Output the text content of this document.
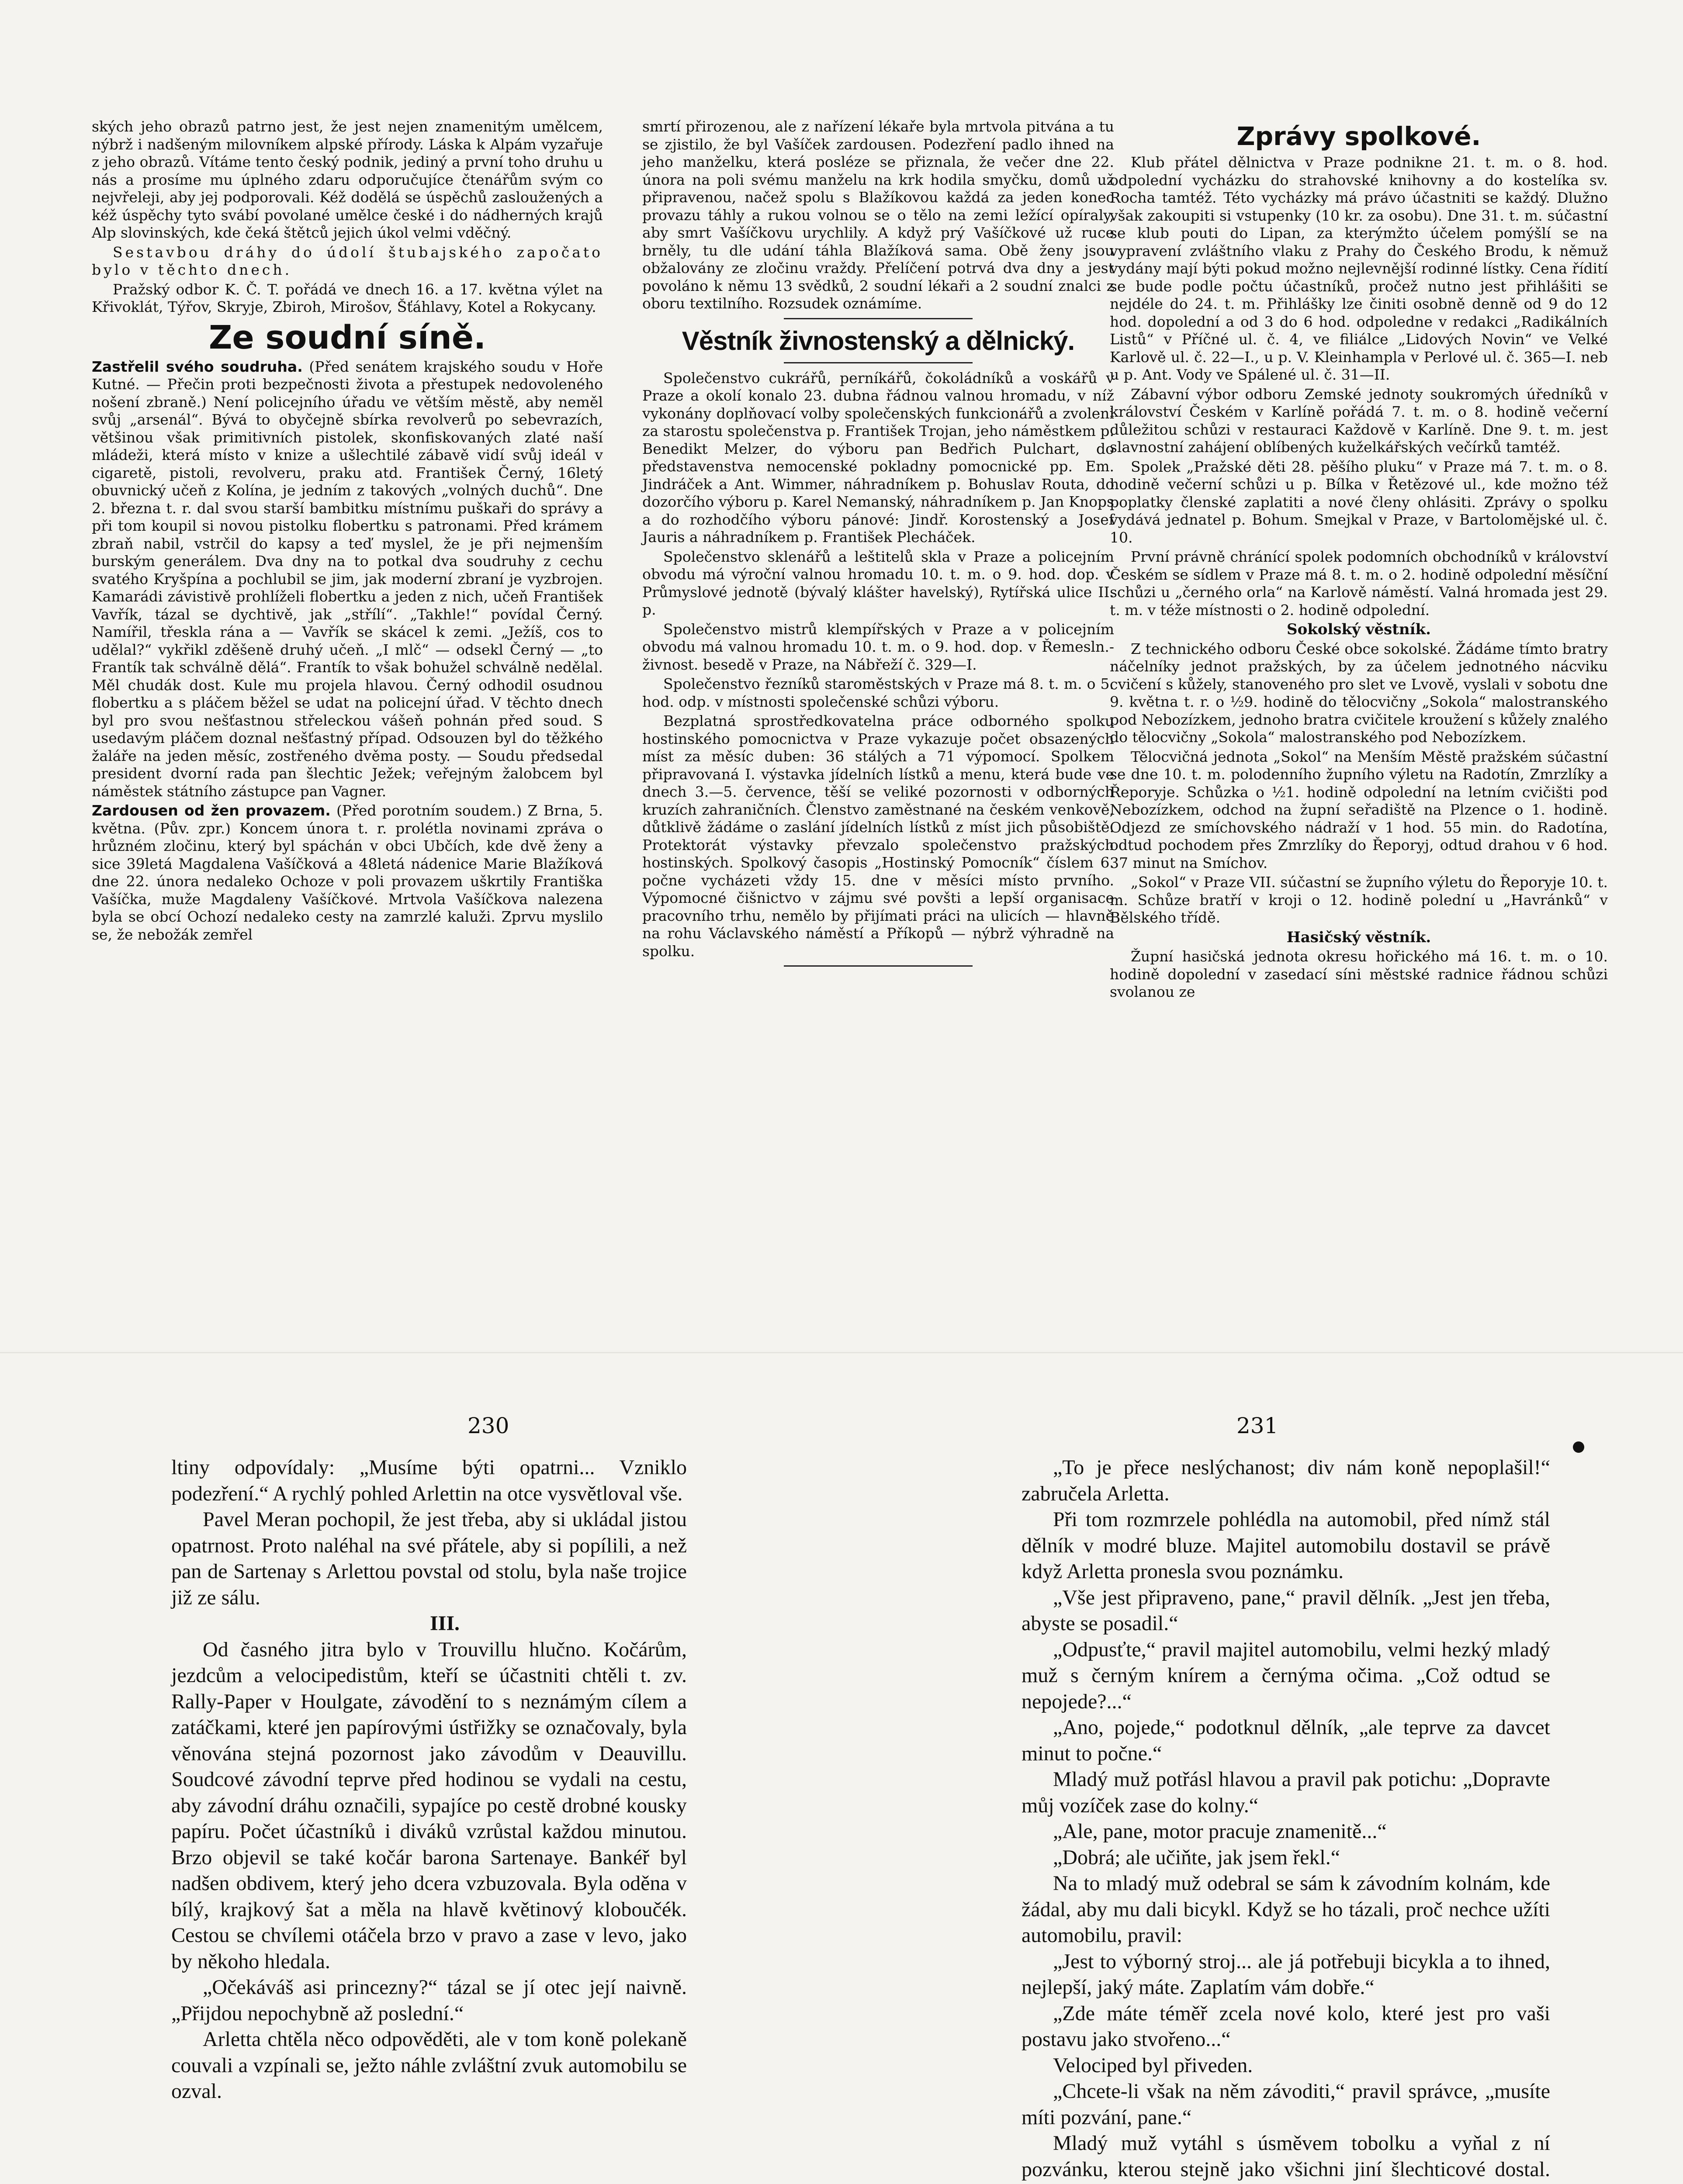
ských jeho obrazů patrno jest, že jest nejen znamenitým umělcem, nýbrž i nadšeným milovníkem alpské přírody. Láska k Alpám vyzařuje z jeho obrazů. Vítáme tento český podnik, jediný a první toho druhu u nás a prosíme mu úplného zdaru odporučujíce čtenářům svým co nejvřeleji, aby jej podporovali. Kéž dodělá se úspěchů zasloužených a kéž úspěchy tyto svábí povolané umělce české i do nádherných krajů Alp slovinských, kde čeká štětců jejich úkol velmi vděčný.

Sestavbou dráhy do údolí štubajského započato bylo v těchto dnech.

Pražský odbor K. Č. T. pořádá ve dnech 16. a 17. května výlet na Křivoklát, Týřov, Skryje, Zbiroh, Mirošov, Šťáhlavy, Kotel a Rokycany.

Ze soudní síně.

Zastřelil svého soudruha. (Před senátem krajského soudu v Hoře Kutné. — Přečin proti bezpečnosti života a přestupek nedovoleného nošení zbraně.) Není policejního úřadu ve větším městě, aby neměl svůj „arsenál“. Bývá to obyčejně sbírka revolverů po sebevrazích, většinou však primitivních pistolek, skonfiskovaných zlaté naší mládeži, která místo v knize a ušlechtilé zábavě vidí svůj ideál v cigaretě, pistoli, revolveru, praku atd. František Černý, 16letý obuvnický učeň z Kolína, je jedním z takových „volných duchů“. Dne 2. března t. r. dal svou starší bambitku místnímu puškaři do správy a při tom koupil si novou pistolku flobertku s patronami. Před krámem zbraň nabil, vstrčil do kapsy a teď myslel, že je při nejmenším burským generálem. Dva dny na to potkal dva soudruhy z cechu svatého Kryšpína a pochlubil se jim, jak moderní zbraní je vyzbrojen. Kamarádi závistivě prohlíželi flobertku a jeden z nich, učeň František Vavřík, tázal se dychtivě, jak „střílí“. „Takhle!“ povídal Černý. Namířil, třeskla rána a — Vavřík se skácel k zemi. „Ježíš, cos to udělal?“ vykřikl zděšeně druhý učeň. „I mlč“ — odsekl Černý — „to Frantík tak schválně dělá“. Frantík to však bohužel schválně nedělal. Měl chudák dost. Kule mu projela hlavou. Černý odhodil osudnou flobertku a s pláčem běžel se udat na policejní úřad. V těchto dnech byl pro svou nešťastnou střeleckou vášeň pohnán před soud. S usedavým pláčem doznal nešťastný případ. Odsouzen byl do těžkého žaláře na jeden měsíc, zostřeného dvěma posty. — Soudu předsedal president dvorní rada pan šlechtic Ježek; veřejným žalobcem byl náměstek státního zástupce pan Vagner.

Zardousen od žen provazem. (Před porotním soudem.) Z Brna, 5. května. (Pův. zpr.) Koncem února t. r. prolétla novinami zpráva o hrůzném zločinu, který byl spáchán v obci Ubčích, kde dvě ženy a sice 39letá Magdalena Vašíčková a 48letá nádenice Marie Blažíková dne 22. února nedaleko Ochoze v poli provazem uškrtily Františka Vašíčka, muže Magdaleny Vašíčkové. Mrtvola Vašíčkova nalezena byla se obcí Ochozí nedaleko cesty na zamrzlé kaluži. Zprvu myslilo se, že nebožák zemřel

smrtí přirozenou, ale z nařízení lékaře byla mrtvola pitvána a tu se zjistilo, že byl Vašíček zardousen. Podezření padlo ihned na jeho manželku, která posléze se přiznala, že večer dne 22. února na poli svému manželu na krk hodila smyčku, domů už připravenou, načež spolu s Blažíkovou každá za jeden konec provazu táhly a rukou volnou se o tělo na zemi ležící opíraly, aby smrt Vašíčkovu urychlily. A když prý Vašíčkové už ruce brněly, tu dle udání táhla Blažíková sama. Obě ženy jsou obžalovány ze zločinu vraždy. Přelíčení potrvá dva dny a jest povoláno k němu 13 svědků, 2 soudní lékaři a 2 soudní znalci z oboru textilního. Rozsudek oznámíme.

Věstník živnostenský a dělnický.

Společenstvo cukrářů, perníkářů, čokoládníků a voskářů v Praze a okolí konalo 23. dubna řádnou valnou hromadu, v níž vykonány doplňovací volby společenských funkcionářů a zvoleni za starostu společenstva p. František Trojan, jeho náměstkem p. Benedikt Melzer, do výboru pan Bedřich Pulchart, do představenstva nemocenské pokladny pomocnické pp. Em. Jindráček a Ant. Wimmer, náhradníkem p. Bohuslav Routa, do dozorčího výboru p. Karel Nemanský, náhradníkem p. Jan Knops a do rozhodčího výboru pánové: Jindř. Korostenský a Josef Jauris a náhradníkem p. František Plecháček.

Společenstvo sklenářů a leštitelů skla v Praze a policejním obvodu má výroční valnou hromadu 10. t. m. o 9. hod. dop. v Průmyslové jednotě (bývalý klášter havelský), Rytířská ulice II. p.

Společenstvo mistrů klempířských v Praze a v policejním obvodu má valnou hromadu 10. t. m. o 9. hod. dop. v Řemesln.-živnost. besedě v Praze, na Nábřeží č. 329—I.

Společenstvo řezníků staroměstských v Praze má 8. t. m. o 5. hod. odp. v místnosti společenské schůzi výboru.

Bezplatná sprostředkovatelna práce odborného spolku hostinského pomocnictva v Praze vykazuje počet obsazených míst za měsíc duben: 36 stálých a 71 výpomocí. Spolkem připravovaná I. výstavka jídelních lístků a menu, která bude ve dnech 3.—5. července, těší se veliké pozornosti v odborných kruzích zahraničních. Členstvo zaměstnané na českém venkově, důtklivě žádáme o zaslání jídelních lístků z míst jich působiště. Protektorát výstavky převzalo společenstvo pražských hostinských. Spolkový časopis „Hostinský Pomocník“ číslem 6. počne vycházeti vždy 15. dne v měsíci místo prvního. Výpomocné čišnictvo v zájmu své povšti a lepší organisace pracovního trhu, nemělo by přijímati práci na ulicích — hlavně na rohu Václavského náměstí a Příkopů — nýbrž výhradně na spolku.

Zprávy spolkové.

Klub přátel dělnictva v Praze podnikne 21. t. m. o 8. hod. odpolední vycházku do strahovské knihovny a do kostelíka sv. Rocha tamtéž. Této vycházky má právo účastniti se každý. Dlužno však zakoupiti si vstupenky (10 kr. za osobu). Dne 31. t. m. súčastní se klub pouti do Lipan, za kterýmžto účelem pomýšlí se na vypravení zvláštního vlaku z Prahy do Českého Brodu, k němuž vydány mají býti pokud možno nejlevnější rodinné lístky. Cena řídití se bude podle počtu účastníků, pročež nutno jest přihlášiti se nejdéle do 24. t. m. Přihlášky lze činiti osobně denně od 9 do 12 hod. dopolední a od 3 do 6 hod. odpoledne v redakci „Radikálních Listů“ v Příčné ul. č. 4, ve filiálce „Lidových Novin“ ve Velké Karlově ul. č. 22—I., u p. V. Kleinhampla v Perlové ul. č. 365—I. neb u p. Ant. Vody ve Spálené ul. č. 31—II.

Zábavní výbor odboru Zemské jednoty soukromých úředníků v království Českém v Karlíně pořádá 7. t. m. o 8. hodině večerní důležitou schůzi v restauraci Každově v Karlíně. Dne 9. t. m. jest slavnostní zahájení oblíbených kuželkářských večírků tamtéž.

Spolek „Pražské děti 28. pěšího pluku“ v Praze má 7. t. m. o 8. hodině večerní schůzi u p. Bílka v Řetězové ul., kde možno též poplatky členské zaplatiti a nové členy ohlásiti. Zprávy o spolku vydává jednatel p. Bohum. Smejkal v Praze, v Bartolomějské ul. č. 10.

První právně chránící spolek podomních obchodníků v království Českém se sídlem v Praze má 8. t. m. o 2. hodině odpolední měsíční schůzi u „černého orla“ na Karlově náměstí. Valná hromada jest 29. t. m. v téže místnosti o 2. hodině odpolední.

Sokolský věstník.

Z technického odboru České obce sokolské. Žádáme tímto bratry náčelníky jednot pražských, by za účelem jednotného nácviku cvičení s kůžely, stanoveného pro slet ve Lvově, vyslali v sobotu dne 9. května t. r. o ½9. hodině do tělocvičny „Sokola“ malostranského pod Nebozízkem, jednoho bratra cvičitele kroužení s kůžely znalého do tělocvičny „Sokola“ malostranského pod Nebozízkem.

Tělocvičná jednota „Sokol“ na Menším Městě pražském súčastní se dne 10. t. m. polodenního župního výletu na Radotín, Zmrzlíky a Řeporyje. Schůzka o ½1. hodině odpolední na letním cvičišti pod Nebozízkem, odchod na župní seřadiště na Plzence o 1. hodině. Odjezd ze smíchovského nádraží v 1 hod. 55 min. do Radotína, odtud pochodem přes Zmrzlíky do Řeporyj, odtud drahou v 6 hod. 37 minut na Smíchov.

„Sokol“ v Praze VII. súčastní se župního výletu do Řeporyje 10. t. m. Schůze bratří v kroji o 12. hodině polední u „Havránků“ v Bělského třídě.

Hasičský věstník.

Župní hasičská jednota okresu hořického má 16. t. m. o 10. hodině dopolední v zasedací síni městské radnice řádnou schůzi svolanou ze

230	231

ltiny odpovídaly: „Musíme býti opatrni... Vzniklo podezření.“ A rychlý pohled Arlettin na otce vysvětloval vše.

Pavel Meran pochopil, že jest třeba, aby si ukládal jistou opatrnost. Proto naléhal na své přátele, aby si popílili, a než pan de Sartenay s Arlettou povstal od stolu, byla naše trojice již ze sálu.

III.

Od časného jitra bylo v Trouvillu hlučno. Kočárům, jezdcům a velocipedistům, kteří se účastniti chtěli t. zv. Rally-Paper v Houlgate, závodění to s neznámým cílem a zatáčkami, které jen papírovými ústřižky se označovaly, byla věnována stejná pozornost jako závodům v Deauvillu. Soudcové závodní teprve před hodinou se vydali na cestu, aby závodní dráhu označili, sypajíce po cestě drobné kousky papíru. Počet účastníků i diváků vzrůstal každou minutou. Brzo objevil se také kočár barona Sartenaye. Bankéř byl nadšen obdivem, který jeho dcera vzbuzovala. Byla oděna v bílý, krajkový šat a měla na hlavě květinový kloboučék. Cestou se chvílemi otáčela brzo v pravo a zase v levo, jako by někoho hledala.

„Očekáváš asi princezny?“ tázal se jí otec její naivně. „Přijdou nepochybně až poslední.“

Arletta chtěla něco odpověděti, ale v tom koně polekaně couvali a vzpínali se, ježto náhle zvláštní zvuk automobilu se ozval.

„To je přece neslýchanost; div nám koně nepoplašil!“ zabručela Arletta.

Při tom rozmrzele pohlédla na automobil, před nímž stál dělník v modré bluze. Majitel automobilu dostavil se právě když Arletta pronesla svou poznámku.

„Vše jest připraveno, pane,“ pravil dělník. „Jest jen třeba, abyste se posadil.“

„Odpusťte,“ pravil majitel automobilu, velmi hezký mladý muž s černým knírem a černýma očima. „Což odtud se nepojede?...“

„Ano, pojede,“ podotknul dělník, „ale teprve za davcet minut to počne.“

Mladý muž potřásl hlavou a pravil pak potichu: „Dopravte můj vozíček zase do kolny.“

„Ale, pane, motor pracuje znamenitě...“

„Dobrá; ale učiňte, jak jsem řekl.“

Na to mladý muž odebral se sám k závodním kolnám, kde žádal, aby mu dali bicykl. Když se ho tázali, proč nechce užíti automobilu, pravil:

„Jest to výborný stroj... ale já potřebuji bicykla a to ihned, nejlepší, jaký máte. Zaplatím vám dobře.“

„Zde máte téměř zcela nové kolo, které jest pro vaši postavu jako stvořeno...“

Velociped byl přiveden.

„Chcete-li však na něm závoditi,“ pravil správce, „musíte míti pozvání, pane.“

Mladý muž vytáhl s úsměvem tobolku a vyňal z ní pozvánku, kterou stejně jako všichni jiní šlechticové dostal.
